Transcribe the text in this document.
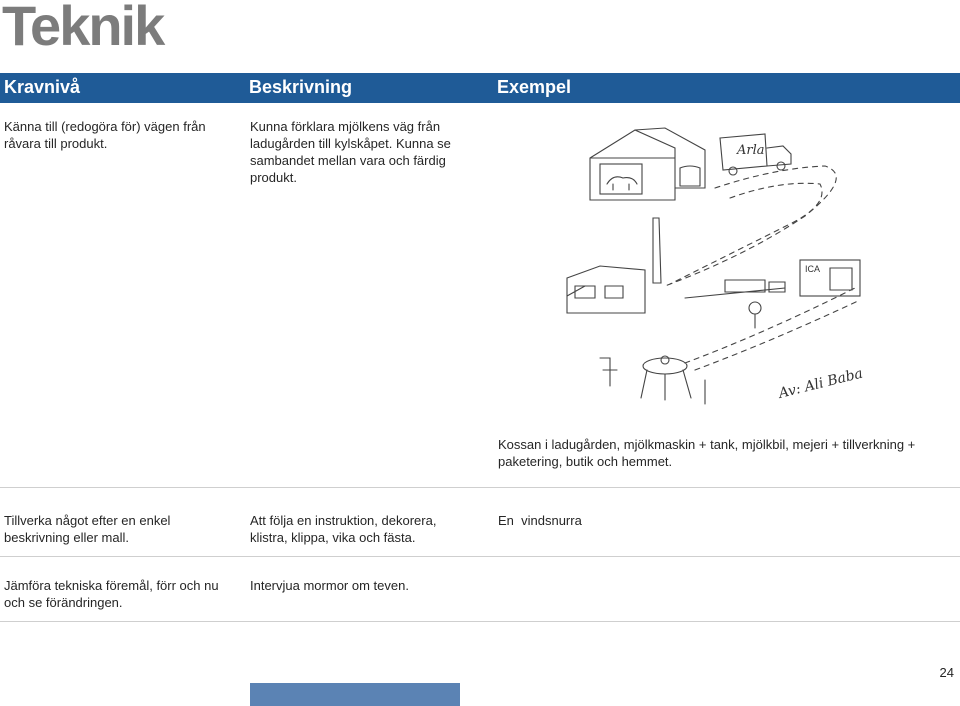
Teknik
Kravnivå	Beskrivning	Exempel
Känna till (redogöra för) vägen från råvara till produkt.
Kunna förklara mjölkens väg från ladugården till kylskåpet. Kunna se sambandet mellan vara och färdig produkt.
Arla
ICA
Av: Ali Baba
Kossan i ladugården, mjölkmaskin + tank, mjölkbil, mejeri + tillverkning + paketering, butik och hemmet.
Tillverka något efter en enkel beskrivning eller mall.
Att följa en instruktion, dekorera, klistra, klippa, vika och fästa.
En  vindsnurra
Jämföra tekniska föremål, förr och nu och se förändringen.
Intervjua mormor om teven.
24
